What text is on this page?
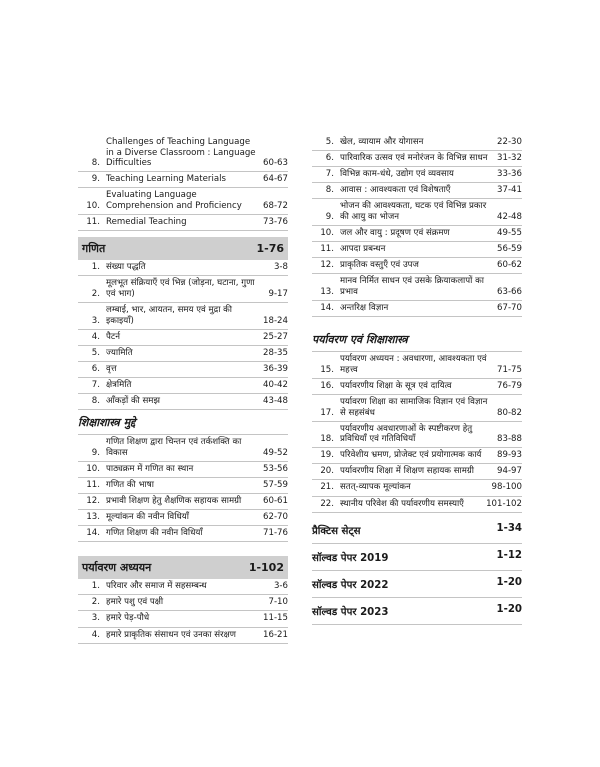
8.
Challenges of Teaching Language in a Diverse Classroom : Language Difficulties	60-63
9. Teaching Learning Materials	64-67
10.
Evaluating Language Comprehension and Proficiency	68-72
11. Remedial Teaching	73-76
गणित	1-76
1. संख्या पद्धति	3-8
2.
मूलभूत संक्रियाएँ एवं भिन्न (जोड़ना, घटाना, गुणा एवं भाग)	9-17
3.
लम्बाई, भार, आयतन, समय एवं मुद्रा की इकाइयाँ)	18-24
4. पैटर्न	25-27
5. ज्यामिति	28-35
6. वृत्त	36-39
7. क्षेत्रमिति	40-42
8. आँकड़ों की समझ	43-48
शिक्षाशास्त्र मुद्दे
9.
गणित शिक्षण द्वारा चिन्तन एवं तर्कशक्ति का विकास	49-52
10. पाठ्यक्रम में गणित का स्थान	53-56
11. गणित की भाषा	57-59
12. प्रभावी शिक्षण हेतु शैक्षणिक सहायक सामग्री	60-61
13. मूल्यांकन की नवीन विधियाँ	62-70
14. गणित शिक्षण की नवीन विधियाँ	71-76
पर्यावरण अध्ययन	1-102
1. परिवार और समाज में सहसम्बन्ध	3-6
2. हमारे पशु एवं पक्षी	7-10
3. हमारे पेड़-पौधे	11-15
4. हमारे प्राकृतिक संसाधन एवं उनका संरक्षण	16-21
5. खेल, व्यायाम और योगासन	22-30
6. पारिवारिक उत्सव एवं मनोरंजन के विभिन्न साधन	31-32
7. विभिन्न काम-धंधे, उद्योग एवं व्यवसाय	33-36
8. आवास : आवश्यकता एवं विशेषताएँ	37-41
9.
भोजन की आवश्यकता, घटक एवं विभिन्न प्रकार की आयु का भोजन	42-48
10. जल और वायु : प्रदूषण एवं संक्रमण	49-55
11. आपदा प्रबन्धन	56-59
12. प्राकृतिक वस्तुएँ एवं उपज	60-62
13.
मानव निर्मित साधन एवं उसके क्रियाकलापों का प्रभाव	63-66
14. अन्तरिक्ष विज्ञान	67-70
पर्यावरण एवं शिक्षाशास्त्र
15.
पर्यावरण अध्ययन : अवधारणा, आवश्यकता एवं महत्त्व	71-75
16. पर्यावरणीय शिक्षा के सूत्र एवं दायित्व	76-79
17.
पर्यावरण शिक्षा का सामाजिक विज्ञान एवं विज्ञान से सहसंबंध	80-82
18.
पर्यावरणीय अवधारणाओं के स्पष्टीकरण हेतु प्रविधियाँ एवं गतिविधियाँ	83-88
19. परिवेशीय भ्रमण, प्रोजेक्ट एवं प्रयोगात्मक कार्य	89-93
20. पर्यावरणीय शिक्षा में शिक्षण सहायक सामग्री	94-97
21. सतत्-व्यापक मूल्यांकन	98-100
22. स्थानीय परिवेश की पर्यावरणीय समस्याएँ	101-102
प्रैक्टिस सेट्स	1-34
सॉल्वड पेपर 2019	1-12
सॉल्वड पेपर 2022	1-20
सॉल्वड पेपर 2023	1-20
